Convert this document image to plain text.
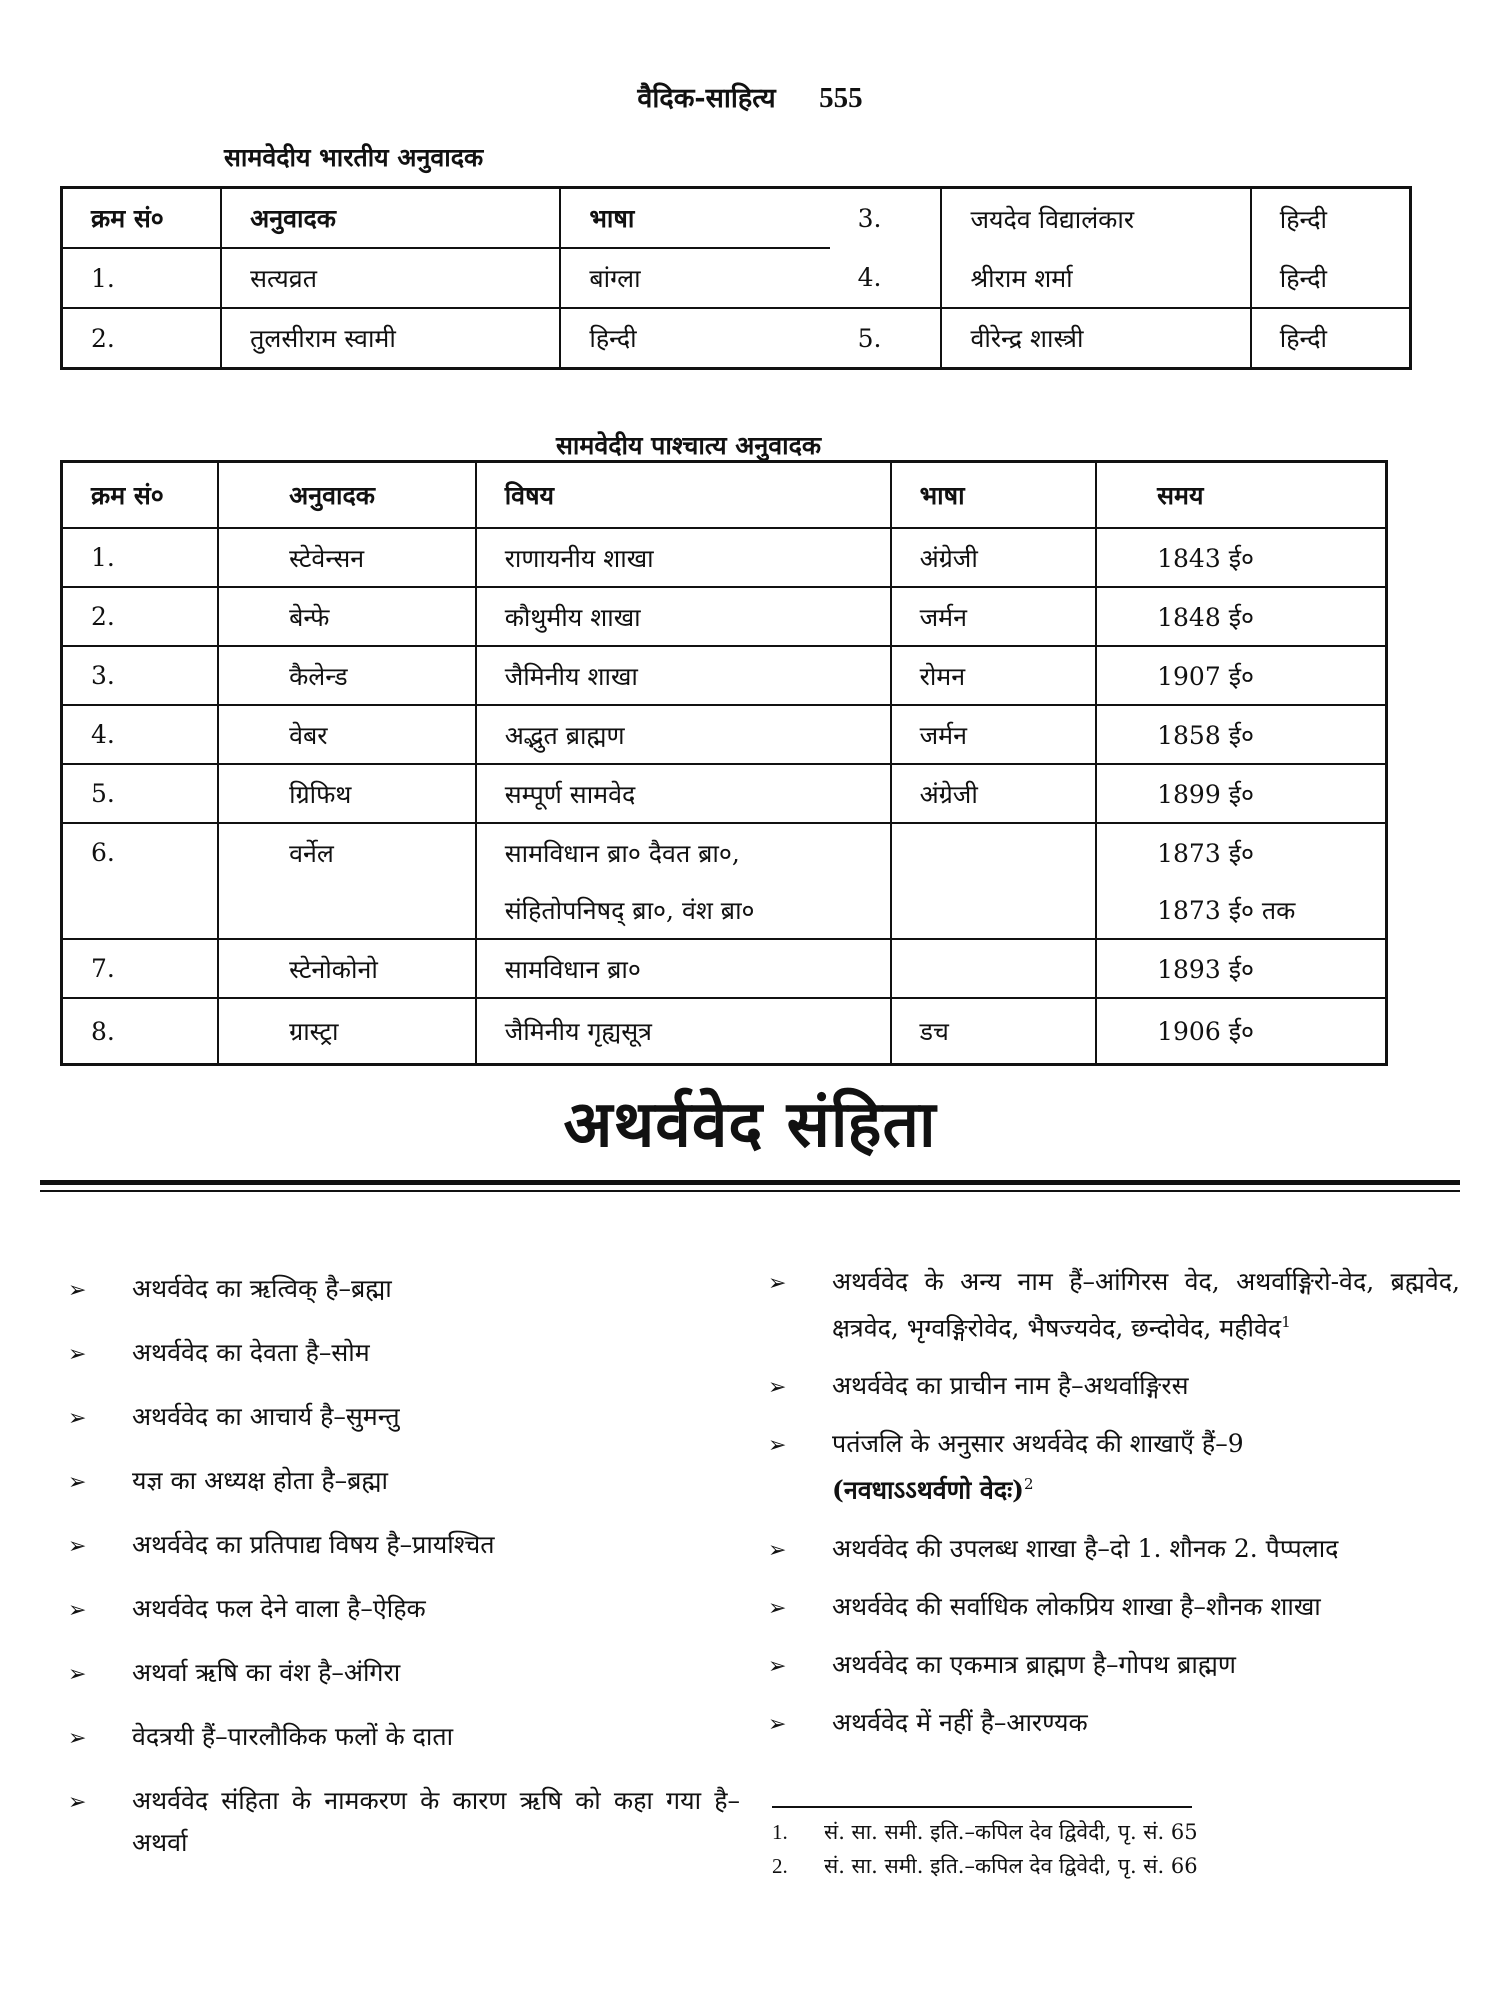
वैदिक-साहित्य 555
सामवेदीय भारतीय अनुवादक
क्रम सं०	अनुवादक	भाषा	3.	जयदेव विद्यालंकार	हिन्दी
1.	सत्यव्रत	बांग्ला	4.	श्रीराम शर्मा	हिन्दी
2.	तुलसीराम स्वामी	हिन्दी	5.	वीरेन्द्र शास्त्री	हिन्दी
सामवेदीय पाश्चात्य अनुवादक
क्रम सं०	अनुवादक	विषय	भाषा	समय
1.	स्टेवेन्सन	राणायनीय शाखा	अंग्रेजी	1843 ई०
2.	बेन्फे	कौथुमीय शाखा	जर्मन	1848 ई०
3.	कैलेन्ड	जैमिनीय शाखा	रोमन	1907 ई०
4.	वेबर	अद्भुत ब्राह्मण	जर्मन	1858 ई०
5.	ग्रिफिथ	सम्पूर्ण सामवेद	अंग्रेजी	1899 ई०
6.	वर्नेल	सामविधान ब्रा० दैवत ब्रा०,		1873 ई०
		संहितोपनिषद् ब्रा०, वंश ब्रा०		1873 ई० तक
7.	स्टेनोकोनो	सामविधान ब्रा०		1893 ई०
8.	ग्रास्ट्रा	जैमिनीय गृह्यसूत्र	डच	1906 ई०
अथर्ववेद संहिता
➢ अथर्ववेद का ऋत्विक् है–ब्रह्मा
➢ अथर्ववेद का देवता है–सोम
➢ अथर्ववेद का आचार्य है–सुमन्तु
➢ यज्ञ का अध्यक्ष होता है–ब्रह्मा
➢ अथर्ववेद का प्रतिपाद्य विषय है–प्रायश्चित
➢ अथर्ववेद फल देने वाला है–ऐहिक
➢ अथर्वा ऋषि का वंश है–अंगिरा
➢ वेदत्रयी हैं–पारलौकिक फलों के दाता
➢ अथर्ववेद संहिता के नामकरण के कारण ऋषि को कहा गया है–अथर्वा
➢ अथर्ववेद के अन्य नाम हैं–आंगिरस वेद, अथर्वाङ्गिरो-वेद, ब्रह्मवेद, क्षत्रवेद, भृग्वङ्गिरोवेद, भैषज्यवेद, छन्दोवेद, महीवेद$^1$
➢ अथर्ववेद का प्राचीन नाम है–अथर्वाङ्गिरस
➢ पतंजलि के अनुसार अथर्ववेद की शाखाएँ हैं–9
(नवधाऽऽथर्वणो वेदः)$^2$
➢ अथर्ववेद की उपलब्ध शाखा है–दो 1. शौनक 2. पैप्पलाद
➢ अथर्ववेद की सर्वाधिक लोकप्रिय शाखा है–शौनक शाखा
➢ अथर्ववेद का एकमात्र ब्राह्मण है–गोपथ ब्राह्मण
➢ अथर्ववेद में नहीं है–आरण्यक
1. सं. सा. समी. इति.–कपिल देव द्विवेदी, पृ. सं. 65
2. सं. सा. समी. इति.–कपिल देव द्विवेदी, पृ. सं. 66
